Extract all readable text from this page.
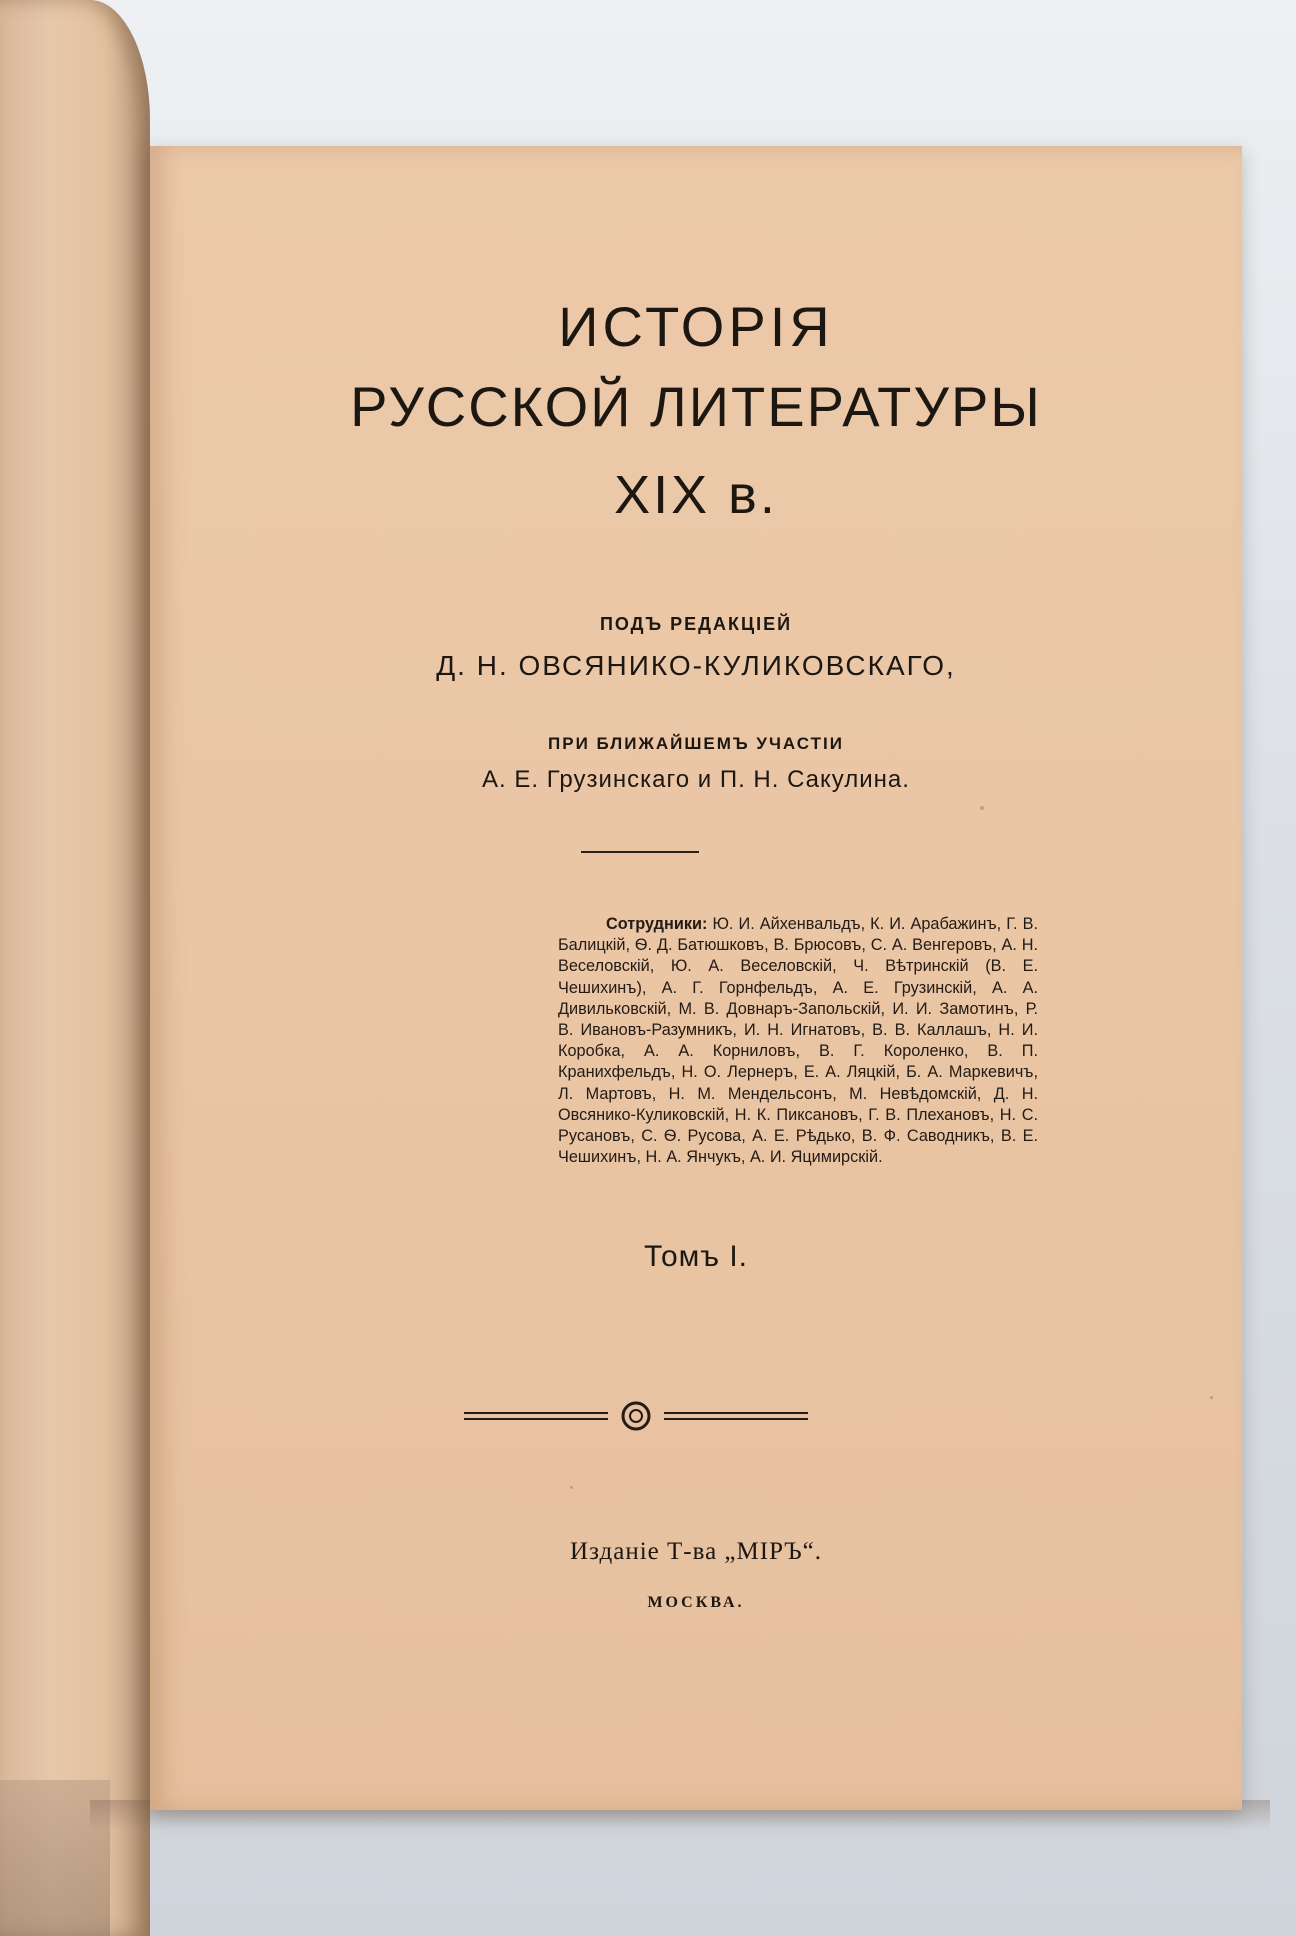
ИСТОРІЯ
РУССКОЙ ЛИТЕРАТУРЫ
XIX в.
ПОДЪ РЕДАКЦІЕЙ
Д. Н. ОВСЯНИКО-КУЛИКОВСКАГО,
ПРИ БЛИЖАЙШЕМЪ УЧАСТІИ
А. Е. Грузинскаго и П. Н. Сакулина.
Сотрудники: Ю. И. Айхенвальдъ, К. И. Арабажинъ, Г. В. Балицкій, Ѳ. Д. Батюшковъ, В. Брюсовъ, С. А. Венгеровъ, А. Н. Веселовскій, Ю. А. Веселовскій, Ч. Вѣтринскій (В. Е. Чешихинъ), А. Г. Горнфельдъ, А. Е. Грузинскій, А. А. Дивильковскій, М. В. Довнаръ-Запольскій, И. И. Замотинъ, Р. В. Ивановъ-Разумникъ, И. Н. Игнатовъ, В. В. Каллашъ, Н. И. Коробка, А. А. Корниловъ, В. Г. Короленко, В. П. Кранихфельдъ, Н. О. Лернеръ, Е. А. Ляцкій, Б. А. Маркевичъ, Л. Мартовъ, Н. М. Мендельсонъ, М. Невѣдомскій, Д. Н. Овсянико-Куликовскій, Н. К. Пиксановъ, Г. В. Плехановъ, Н. С. Русановъ, С. Ѳ. Русова, А. Е. Рѣдько, В. Ф. Саводникъ, В. Е. Чешихинъ, Н. А. Янчукъ, А. И. Яцимирскій.
Томъ I.
Изданіе Т-ва „МІРЪ“.
МОСКВА.
